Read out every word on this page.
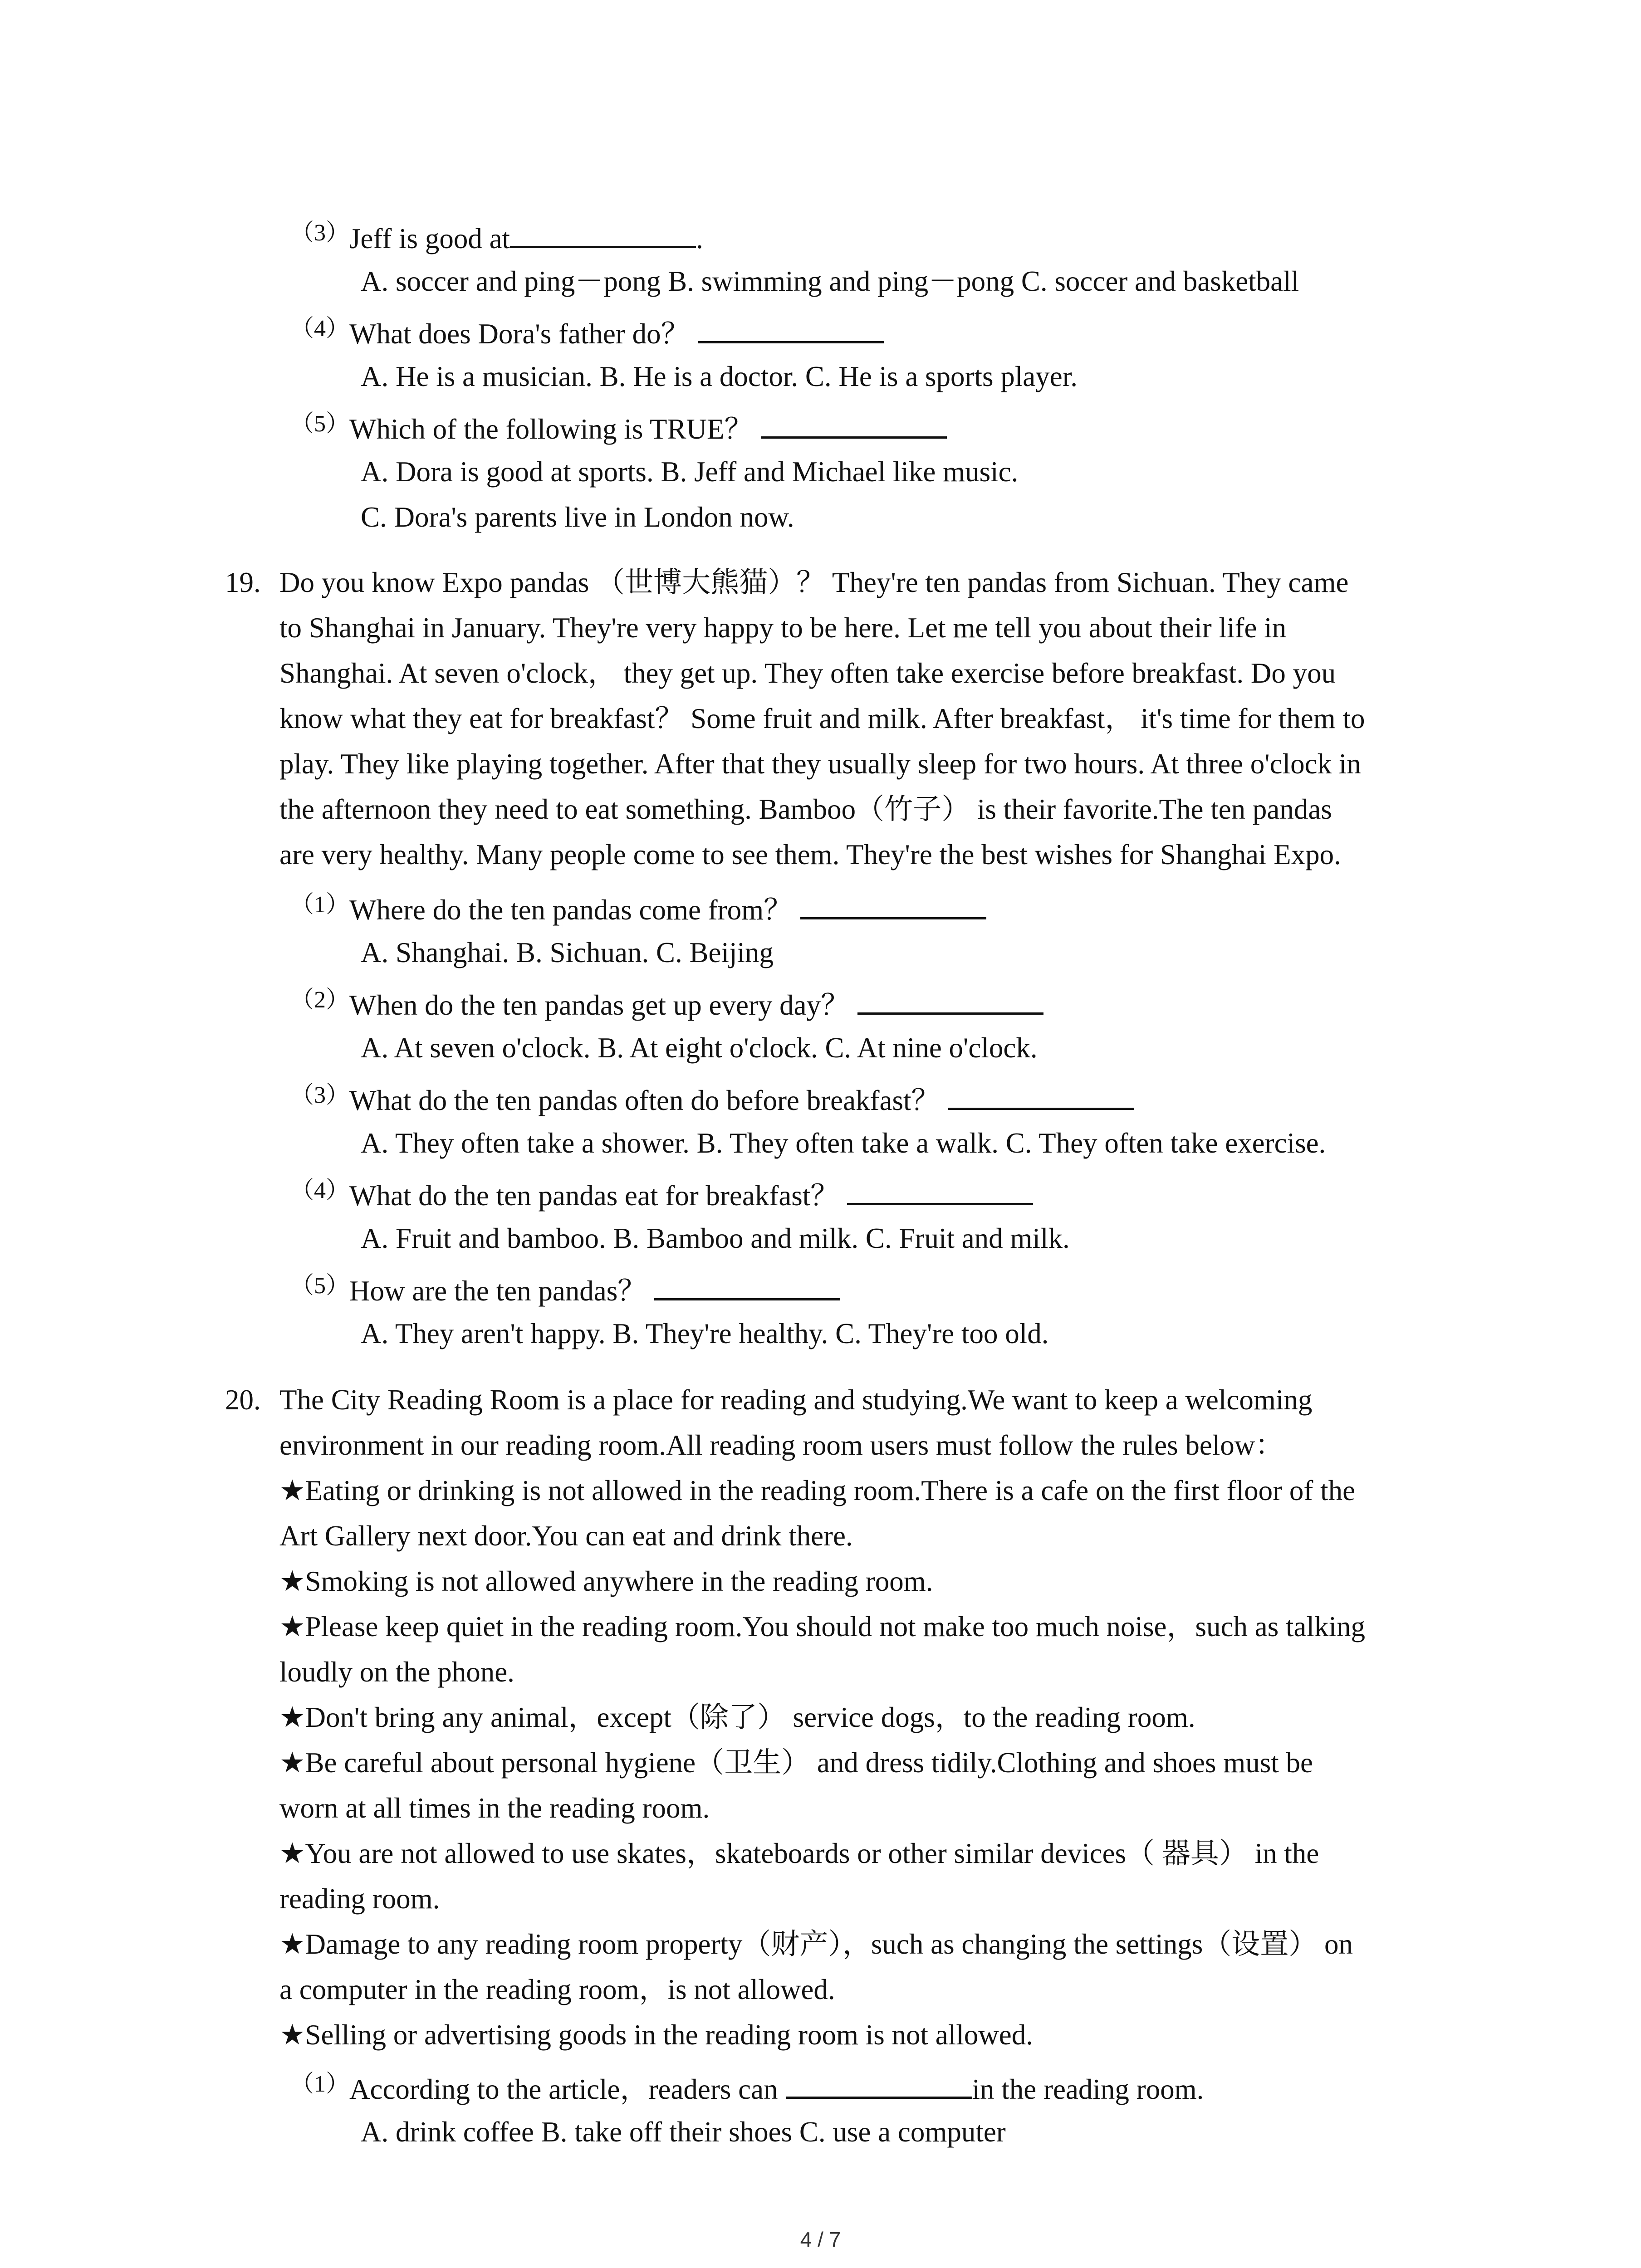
（3） Jeff is good at	.
A. soccer and ping－pong B. swimming and ping－pong C. soccer and basketball
（4） What does Dora's father do？
A. He is a musician. B. He is a doctor. C. He is a sports player.
（5） Which of the following is TRUE？
A. Dora is good at sports. B. Jeff and Michael like music.
C. Dora's parents live in London now.
19. Do you know Expo pandas （世博大熊猫）？ They're ten pandas from Sichuan. They came
to Shanghai in January. They're very happy to be here. Let me tell you about their life in
Shanghai. At seven o'clock， they get up. They often take exercise before breakfast. Do you
know what they eat for breakfast？ Some fruit and milk. After breakfast， it's time for them to
play. They like playing together. After that they usually sleep for two hours. At three o'clock in
the afternoon they need to eat something. Bamboo（竹子） is their favorite.The ten pandas
are very healthy. Many people come to see them. They're the best wishes for Shanghai Expo.
（1） Where do the ten pandas come from？
A. Shanghai. B. Sichuan. C. Beijing
（2） When do the ten pandas get up every day？
A. At seven o'clock. B. At eight o'clock. C. At nine o'clock.
（3） What do the ten pandas often do before breakfast？
A. They often take a shower. B. They often take a walk. C. They often take exercise.
（4） What do the ten pandas eat for breakfast？
A. Fruit and bamboo. B. Bamboo and milk. C. Fruit and milk.
（5） How are the ten pandas？
A. They aren't happy. B. They're healthy. C. They're too old.
20. The City Reading Room is a place for reading and studying.We want to keep a welcoming
environment in our reading room.All reading room users must follow the rules below：
★Eating or drinking is not allowed in the reading room.There is a cafe on the first floor of the
Art Gallery next door.You can eat and drink there.
★Smoking is not allowed anywhere in the reading room.
★Please keep quiet in the reading room.You should not make too much noise，such as talking
loudly on the phone.
★Don't bring any animal，except（除了） service dogs，to the reading room.
★Be careful about personal hygiene（卫生） and dress tidily.Clothing and shoes must be
worn at all times in the reading room.
★You are not allowed to use skates，skateboards or other similar devices（ 器具） in the
reading room.
★Damage to any reading room property（财产），such as changing the settings（设置） on
a computer in the reading room，is not allowed.
★Selling or advertising goods in the reading room is not allowed.
（1） According to the article，readers can	in the reading room.
A. drink coffee B. take off their shoes C. use a computer
4 / 7
